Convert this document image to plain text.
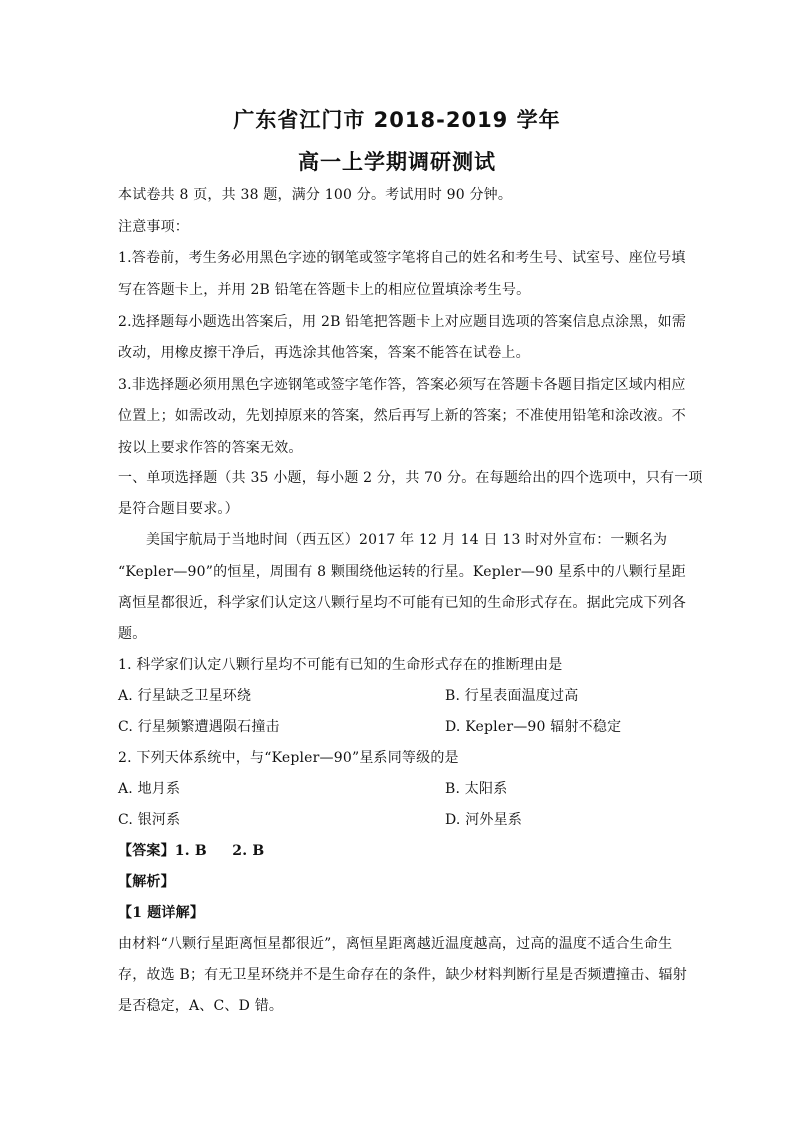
广东省江门市 2018-2019 学年
高一上学期调研测试
本试卷共 8 页，共 38 题，满分 100 分。考试用时 90 分钟。
注意事项：
1.答卷前，考生务必用黑色字迹的钢笔或签字笔将自己的姓名和考生号、试室号、座位号填
写在答题卡上，并用 2B 铅笔在答题卡上的相应位置填涂考生号。
2.选择题每小题选出答案后，用 2B 铅笔把答题卡上对应题目选项的答案信息点涂黑，如需
改动，用橡皮擦干净后，再选涂其他答案，答案不能答在试卷上。
3.非选择题必须用黑色字迹钢笔或签字笔作答，答案必须写在答题卡各题目指定区域内相应
位置上；如需改动，先划掉原来的答案，然后再写上新的答案；不准使用铅笔和涂改液。不
按以上要求作答的答案无效。
一、单项选择题（共 35 小题，每小题 2 分，共 70 分。在每题给出的四个选项中，只有一项
是符合题目要求。）
美国宇航局于当地时间（西五区）2017 年 12 月 14 日 13 时对外宣布：一颗名为
“Kepler—90”的恒星，周围有 8 颗围绕他运转的行星。Kepler—90 星系中的八颗行星距
离恒星都很近，科学家们认定这八颗行星均不可能有已知的生命形式存在。据此完成下列各
题。
1. 科学家们认定八颗行星均不可能有已知的生命形式存在的推断理由是
A. 行星缺乏卫星环绕	B. 行星表面温度过高
C. 行星频繁遭遇陨石撞击	D. Kepler—90 辐射不稳定
2. 下列天体系统中，与“Kepler—90”星系同等级的是
A. 地月系	B. 太阳系
C. 银河系	D. 河外星系
【答案】1. B     2. B
【解析】
【1 题详解】
由材料“八颗行星距离恒星都很近”，离恒星距离越近温度越高，过高的温度不适合生命生
存，故选 B；有无卫星环绕并不是生命存在的条件，缺少材料判断行星是否频遭撞击、辐射
是否稳定，A、C、D 错。
